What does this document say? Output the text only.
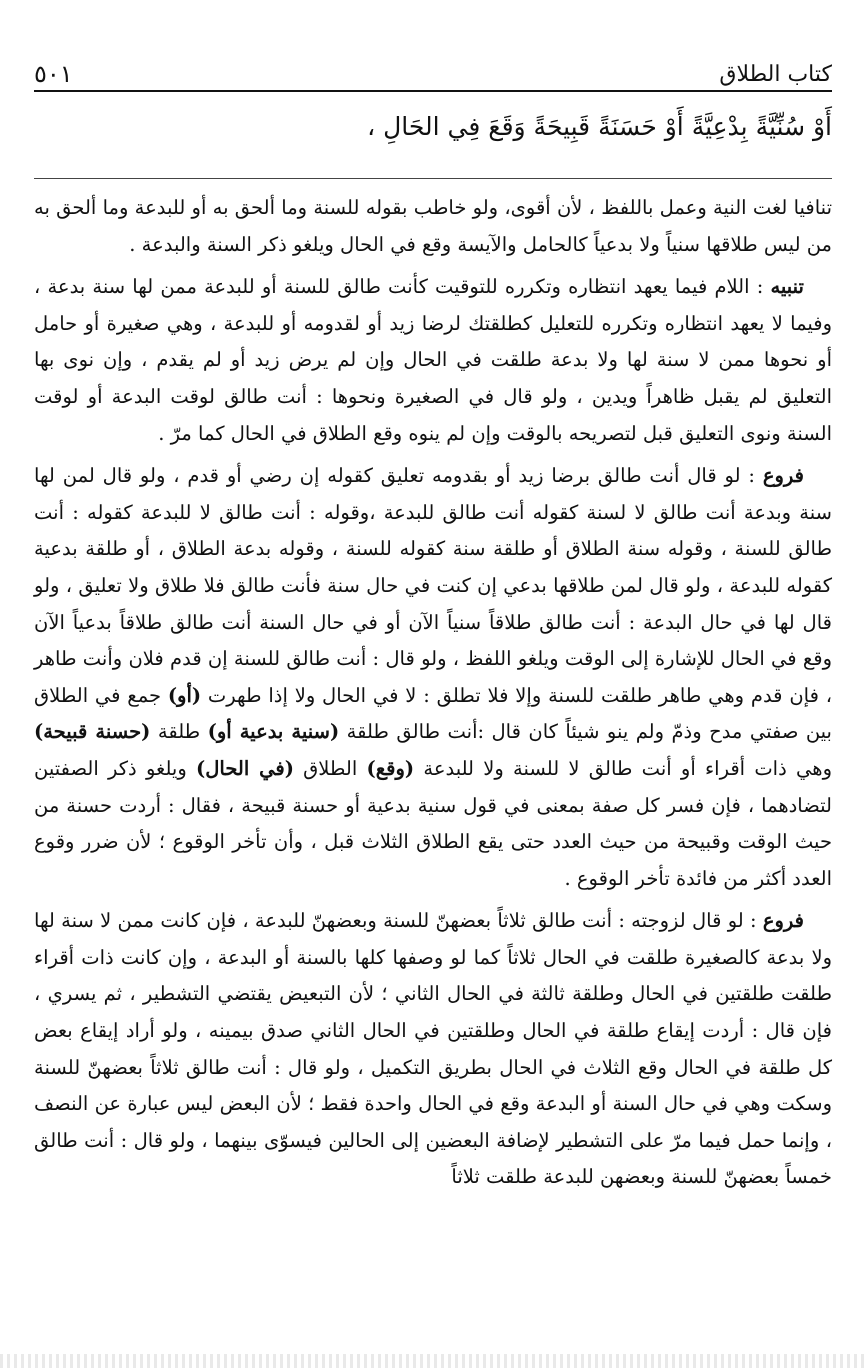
كتاب الطلاق
٥٠١
أَوْ سُنِّيَّةً بِدْعِيَّةً أَوْ حَسَنَةً قَبِيحَةً وَقَعَ فِي الحَالِ ،

تنافيا لغت النية وعمل باللفظ ، لأن أقوى، ولو خاطب بقوله للسنة وما ألحق به أو للبدعة وما ألحق به من ليس طلاقها سنياً ولا بدعياً كالحامل والآيسة وقع في الحال ويلغو ذكر السنة والبدعة .

تنبيه : اللام فيما يعهد انتظاره وتكرره للتوقيت كأنت طالق للسنة أو للبدعة ممن لها سنة بدعة ، وفيما لا يعهد انتظاره وتكرره للتعليل كطلقتك لرضا زيد أو لقدومه أو للبدعة ، وهي صغيرة أو حامل أو نحوها ممن لا سنة لها ولا بدعة طلقت في الحال وإن لم يرض زيد أو لم يقدم ، وإن نوى بها التعليق لم يقبل ظاهراً ويدين ، ولو قال في الصغيرة ونحوها : أنت طالق لوقت البدعة أو لوقت السنة ونوى التعليق قبل لتصريحه بالوقت وإن لم ينوه وقع الطلاق في الحال كما مرّ .

فروع : لو قال أنت طالق برضا زيد أو بقدومه تعليق كقوله إن رضي أو قدم ، ولو قال لمن لها سنة وبدعة أنت طالق لا لسنة كقوله أنت طالق للبدعة ،وقوله : أنت طالق لا للبدعة كقوله : أنت طالق للسنة ، وقوله سنة الطلاق أو طلقة سنة كقوله للسنة ، وقوله بدعة الطلاق ، أو طلقة بدعية كقوله للبدعة ، ولو قال لمن طلاقها بدعي إن كنت في حال سنة فأنت طالق فلا طلاق ولا تعليق ، ولو قال لها في حال البدعة : أنت طالق طلاقاً سنياً الآن أو في حال السنة أنت طالق طلاقاً بدعياً الآن وقع في الحال للإشارة إلى الوقت ويلغو اللفظ ، ولو قال : أنت طالق للسنة إن قدم فلان وأنت طاهر ، فإن قدم وهي طاهر طلقت للسنة وإلا فلا تطلق : لا في الحال ولا إذا طهرت (أو) جمع في الطلاق بين صفتي مدح وذمّ ولم ينو شيئاً كان قال :أنت طالق طلقة (سنية بدعية أو) طلقة (حسنة قبيحة) وهي ذات أقراء أو أنت طالق لا للسنة ولا للبدعة (وقع) الطلاق (في الحال) ويلغو ذكر الصفتين لتضادهما ، فإن فسر كل صفة بمعنى في قول سنية بدعية أو حسنة قبيحة ، فقال : أردت حسنة من حيث الوقت وقبيحة من حيث العدد حتى يقع الطلاق الثلاث قبل ، وأن تأخر الوقوع ؛ لأن ضرر وقوع العدد أكثر من فائدة تأخر الوقوع .

فروع : لو قال لزوجته : أنت طالق ثلاثاً بعضهنّ للسنة وبعضهنّ للبدعة ، فإن كانت ممن لا سنة لها ولا بدعة كالصغيرة طلقت في الحال ثلاثاً كما لو وصفها كلها بالسنة أو البدعة ، وإن كانت ذات أقراء طلقت طلقتين في الحال وطلقة ثالثة في الحال الثاني ؛ لأن التبعيض يقتضي التشطير ، ثم يسري ، فإن قال : أردت إيقاع طلقة في الحال وطلقتين في الحال الثاني صدق بيمينه ، ولو أراد إيقاع بعض كل طلقة في الحال وقع الثلاث في الحال بطريق التكميل ، ولو قال : أنت طالق ثلاثاً بعضهنّ للسنة وسكت وهي في حال السنة أو البدعة وقع في الحال واحدة فقط ؛ لأن البعض ليس عبارة عن النصف ، وإنما حمل فيما مرّ على التشطير لإضافة البعضين إلى الحالين فيسوّى بينهما ، ولو قال : أنت طالق خمساً بعضهنّ للسنة وبعضهن للبدعة طلقت ثلاثاً
